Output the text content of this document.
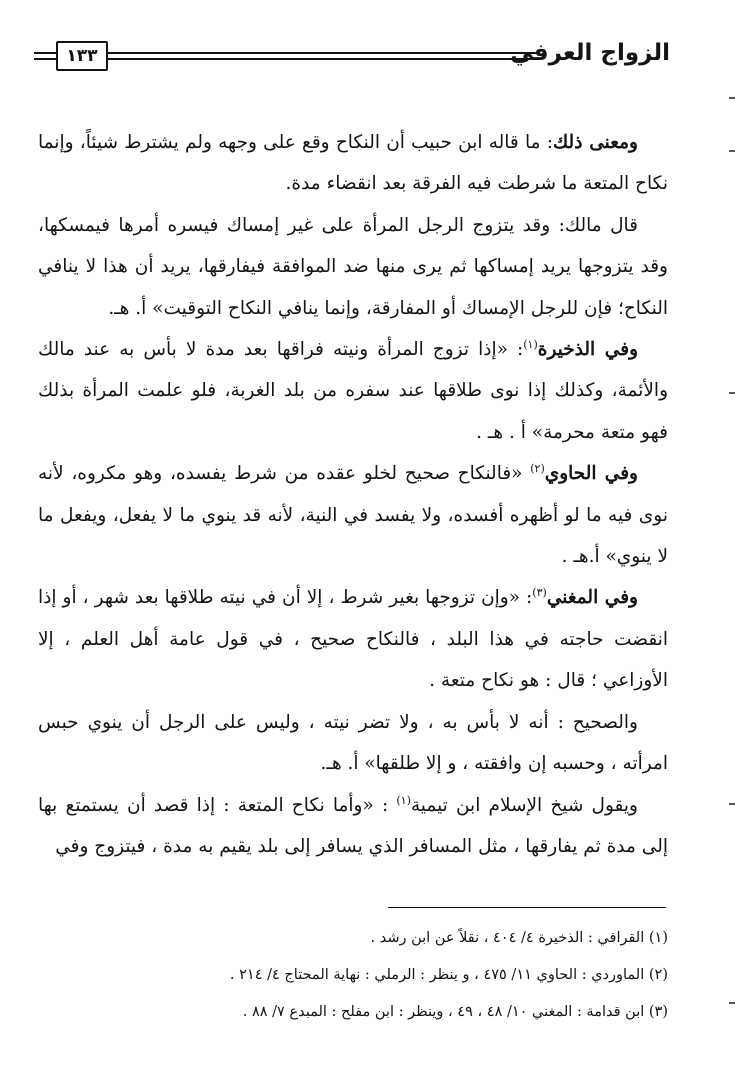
١٣٣	الزواج العرفي

ومعنى ذلك: ما قاله ابن حبيب أن النكاح وقع على وجهه ولم يشترط شيئاً، وإنما نكاح المتعة ما شرطت فيه الفرقة بعد انقضاء مدة.

قال مالك: وقد يتزوج الرجل المرأة على غير إمساك فيسره أمرها فيمسكها، وقد يتزوجها يريد إمساكها ثم يرى منها ضد الموافقة فيفارقها، يريد أن هذا لا ينافي النكاح؛ فإن للرجل الإمساك أو المفارقة، وإنما ينافي النكاح التوقيت» أ. هـ.

وفي الذخيرة$^{(١)}$: «إذا تزوج المرأة ونيته فراقها بعد مدة لا بأس به عند مالك والأئمة، وكذلك إذا نوى طلاقها عند سفره من بلد الغربة، فلو علمت المرأة بذلك فهو متعة محرمة» أ . هـ .

وفي الحاوي$^{(٢)}$ «فالنكاح صحيح لخلو عقده من شرط يفسده، وهو مكروه، لأنه نوى فيه ما لو أظهره أفسده، ولا يفسد في النية، لأنه قد ينوي ما لا يفعل، ويفعل ما لا ينوي» أ.هـ .

وفي المغني$^{(٣)}$: «وإن تزوجها بغير شرط ، إلا أن في نيته طلاقها بعد شهر ، أو إذا انقضت حاجته في هذا البلد ، فالنكاح صحيح ، في قول عامة أهل العلم ، إلا الأوزاعي ؛ قال : هو نكاح متعة .

والصحيح : أنه لا بأس به ، ولا تضر نيته ، وليس على الرجل أن ينوي حبس امرأته ، وحسبه إن وافقته ، و إلا طلقها» أ. هـ.

ويقول شيخ الإسلام ابن تيمية$^{(١)}$ : «وأما نكاح المتعة : إذا قصد أن يستمتع بها إلى مدة ثم يفارقها ، مثل المسافر الذي يسافر إلى بلد يقيم به مدة ، فيتزوج وفي

(١) القرافي : الذخيرة ٤/ ٤٠٤ ، نقلاً عن ابن رشد .

(٢) الماوردي : الحاوي ١١/ ٤٧٥ ، و ينظر : الرملي : نهاية المحتاج ٤/ ٢١٤ .

(٣) ابن قدامة : المغني ١٠/ ٤٨ ، ٤٩ ، وينظر : ابن مفلح : المبدع ٧/ ٨٨ .
